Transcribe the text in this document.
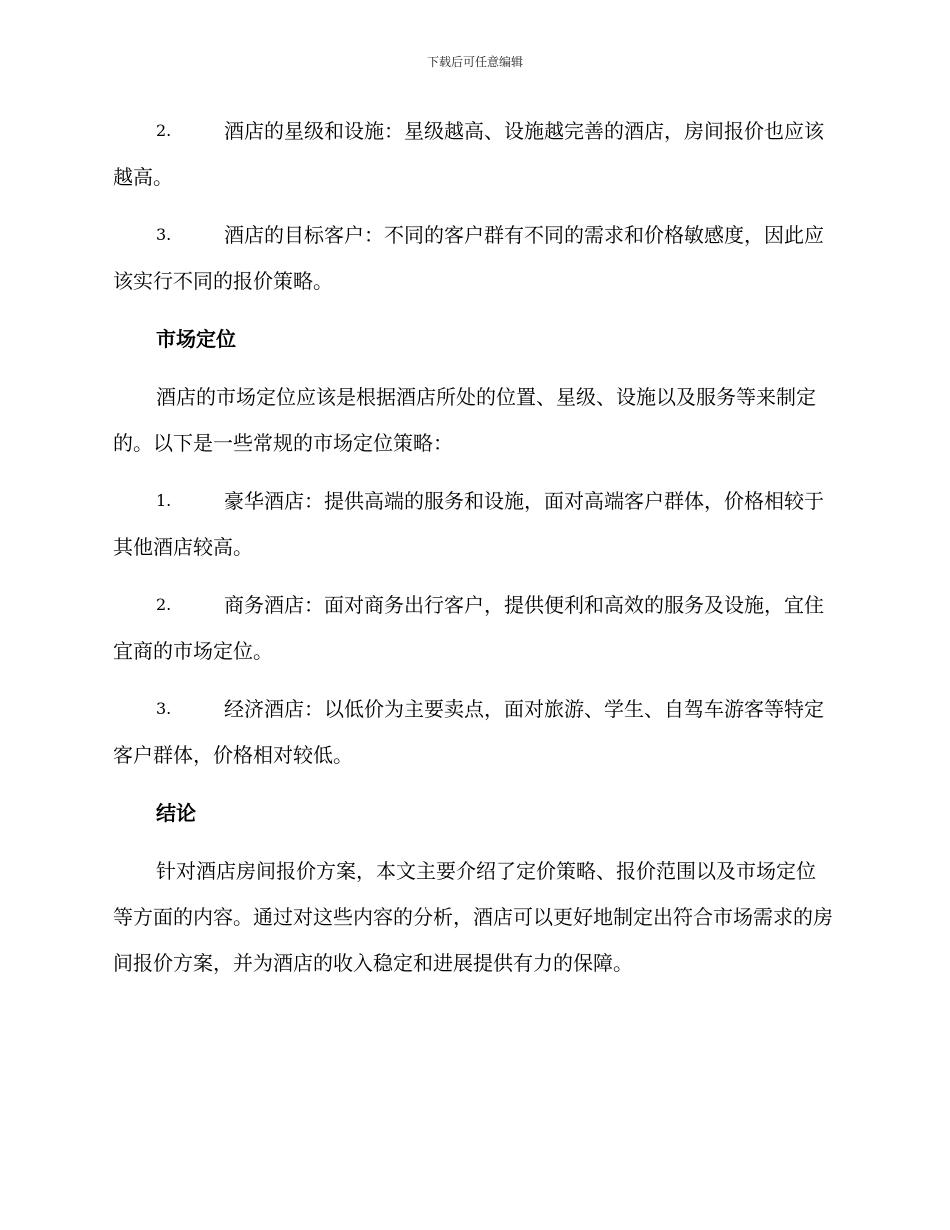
下载后可任意编辑

2.	酒店的星级和设施：星级越高、设施越完善的酒店，房间报价也应该越高。

3.	酒店的目标客户：不同的客户群有不同的需求和价格敏感度，因此应该实行不同的报价策略。

市场定位

酒店的市场定位应该是根据酒店所处的位置、星级、设施以及服务等来制定的。以下是一些常规的市场定位策略：

1.	豪华酒店：提供高端的服务和设施，面对高端客户群体，价格相较于其他酒店较高。

2.	商务酒店：面对商务出行客户，提供便利和高效的服务及设施，宜住宜商的市场定位。

3.	经济酒店：以低价为主要卖点，面对旅游、学生、自驾车游客等特定客户群体，价格相对较低。

结论

针对酒店房间报价方案，本文主要介绍了定价策略、报价范围以及市场定位等方面的内容。通过对这些内容的分析，酒店可以更好地制定出符合市场需求的房间报价方案，并为酒店的收入稳定和进展提供有力的保障。
